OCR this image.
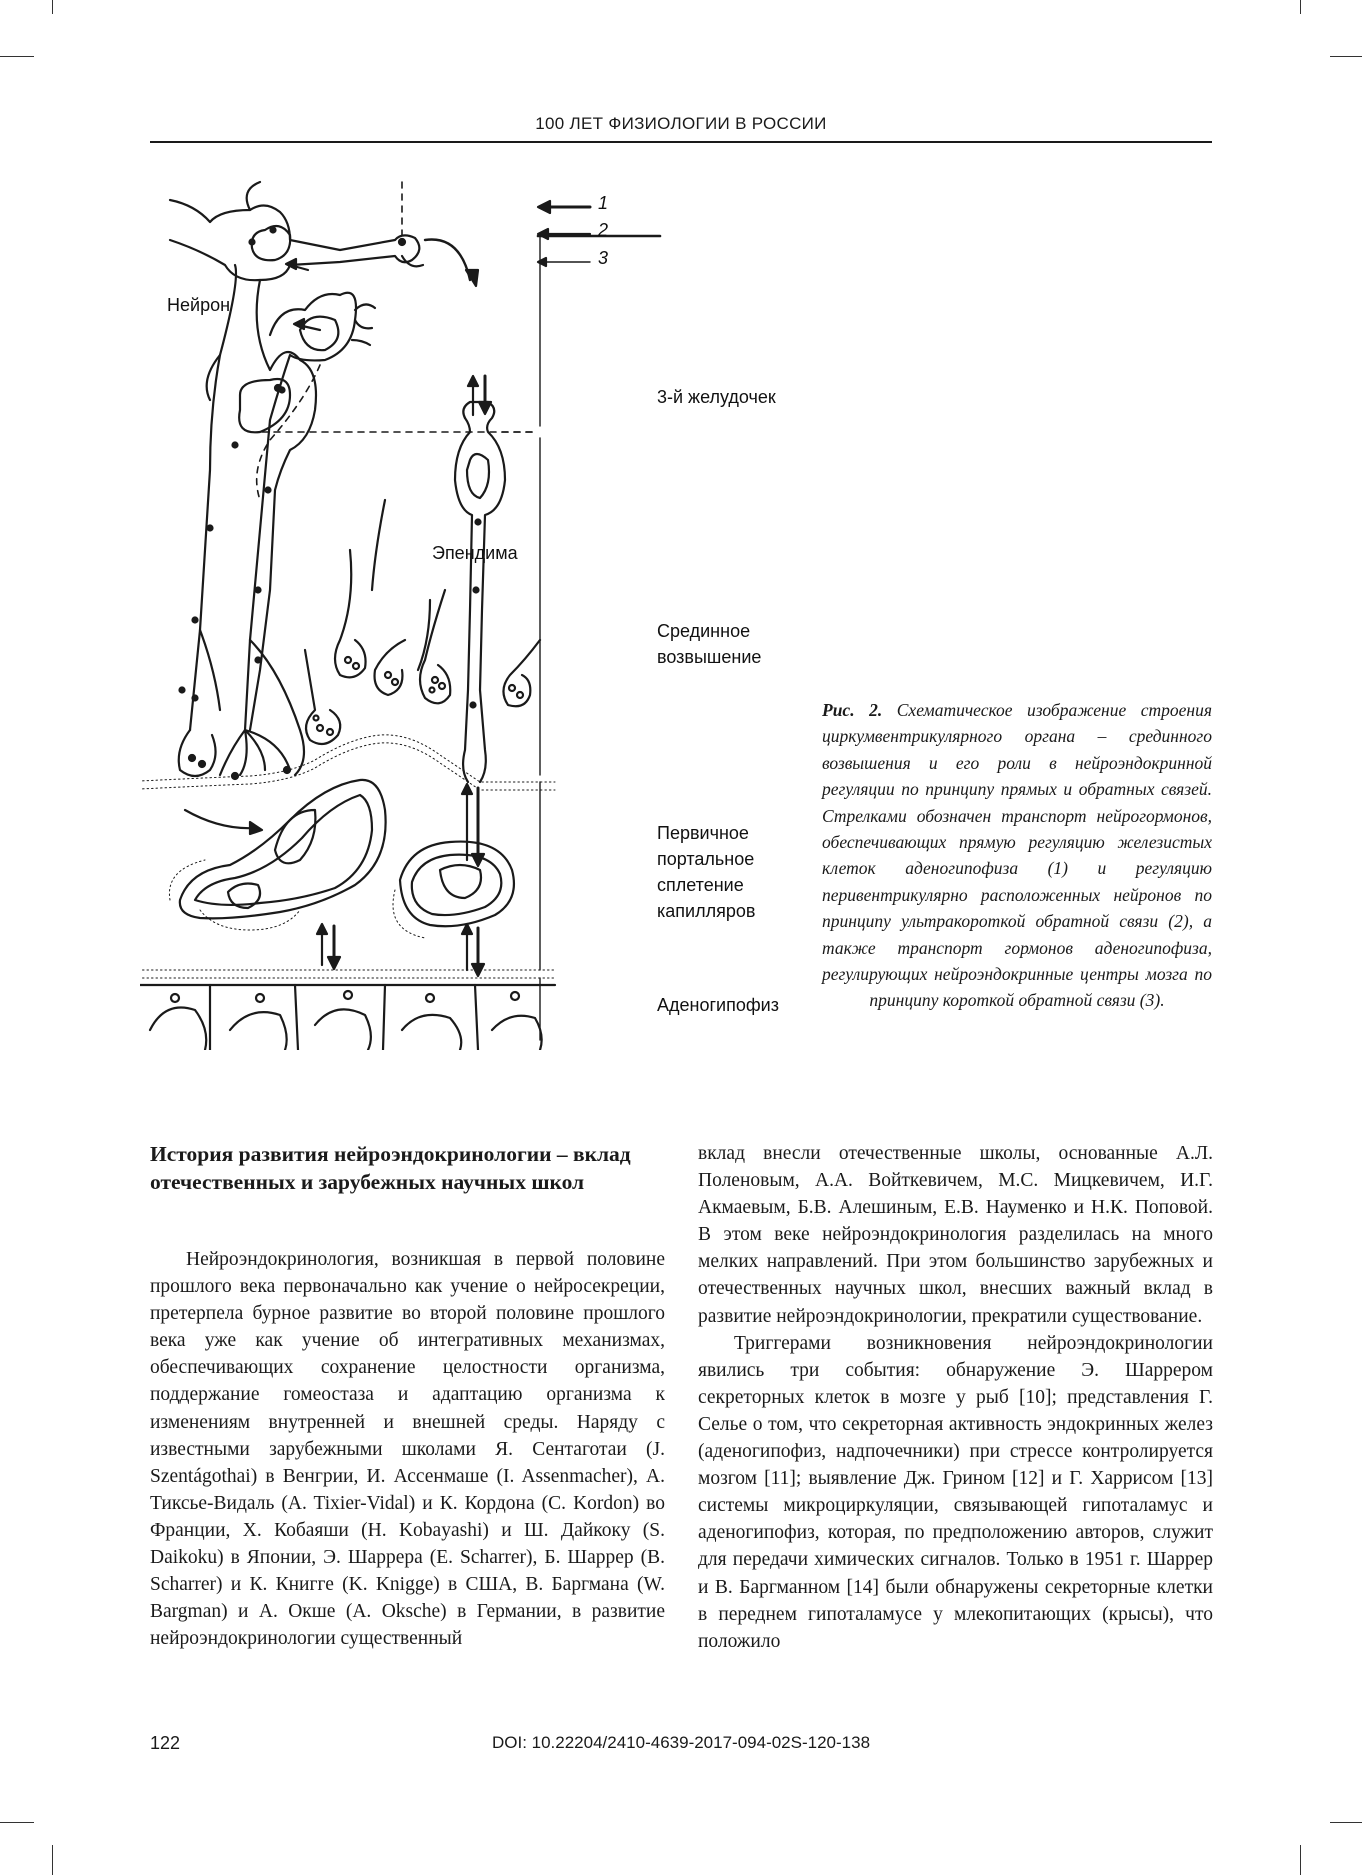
100 ЛЕТ ФИЗИОЛОГИИ В РОССИИ
1
2
3
Нейрон
Эпендима
3-й желудочек
Срединное
возвышение
Первичное
портальное
сплетение
капилляров
Аденогипофиз
Рис. 2. Схематическое изображение строения циркумвентрикулярного органа – срединного возвышения и его роли в нейроэндокринной регуляции по принципу прямых и обратных связей. Стрелками обозначен транспорт нейрогормонов, обеспечивающих прямую регуляцию железистых клеток аденогипофиза (1) и регуляцию перивентрикулярно расположенных нейронов по принципу ультракороткой обратной связи (2), а также транспорт гормонов аденогипофиза, регулирующих нейроэндокринные центры мозга по принципу короткой обратной связи (3).
История развития нейроэндокринологии – вклад отечественных и зарубежных научных школ

Нейроэндокринология, возникшая в первой половине прошлого века первоначально как учение о нейросекреции, претерпела бурное развитие во второй половине прошлого века уже как учение об интегративных механизмах, обеспечивающих сохранение целостности организма, поддержание гомеостаза и адаптацию организма к изменениям внутренней и внешней среды. Наряду с известными зарубежными школами Я. Сентаготаи (J. Szentágothai) в Венгрии, И. Ассенмаше (I. Assenmacher), А. Тиксье-Видаль (A. Tixier-Vidal) и К. Кордона (C. Kordon) во Франции, Х. Кобаяши (H. Kobayashi) и Ш. Дайкоку (S. Daikoku) в Японии, Э. Шаррера (E. Scharrer), Б. Шаррер (B. Scharrer) и К. Книгге (K. Knigge) в США, В. Баргмана (W. Bargman) и А. Окше (A. Oksche) в Германии, в развитие нейроэндокринологии существенный

вклад внесли отечественные школы, основанные А.Л. Поленовым, А.А. Войткевичем, М.С. Мицкевичем, И.Г. Акмаевым, Б.В. Алешиным, Е.В. Науменко и Н.К. Поповой. В этом веке нейроэндокринология разделилась на много мелких направлений. При этом большинство зарубежных и отечественных научных школ, внесших важный вклад в развитие нейроэндокринологии, прекратили существование.

Триггерами возникновения нейроэндокринологии явились три события: обнаружение Э. Шаррером секреторных клеток в мозге у рыб [10]; представления Г. Селье о том, что секреторная активность эндокринных желез (аденогипофиз, надпочечники) при стрессе контролируется мозгом [11]; выявление Дж. Грином [12] и Г. Харрисом [13] системы микроциркуляции, связывающей гипоталамус и аденогипофиз, которая, по предположению авторов, служит для передачи химических сигналов. Только в 1951 г. Шаррер и В. Баргманном [14] были обнаружены секреторные клетки в переднем гипоталамусе у млекопитающих (крысы), что положило

122	DOI: 10.22204/2410-4639-2017-094-02S-120-138
